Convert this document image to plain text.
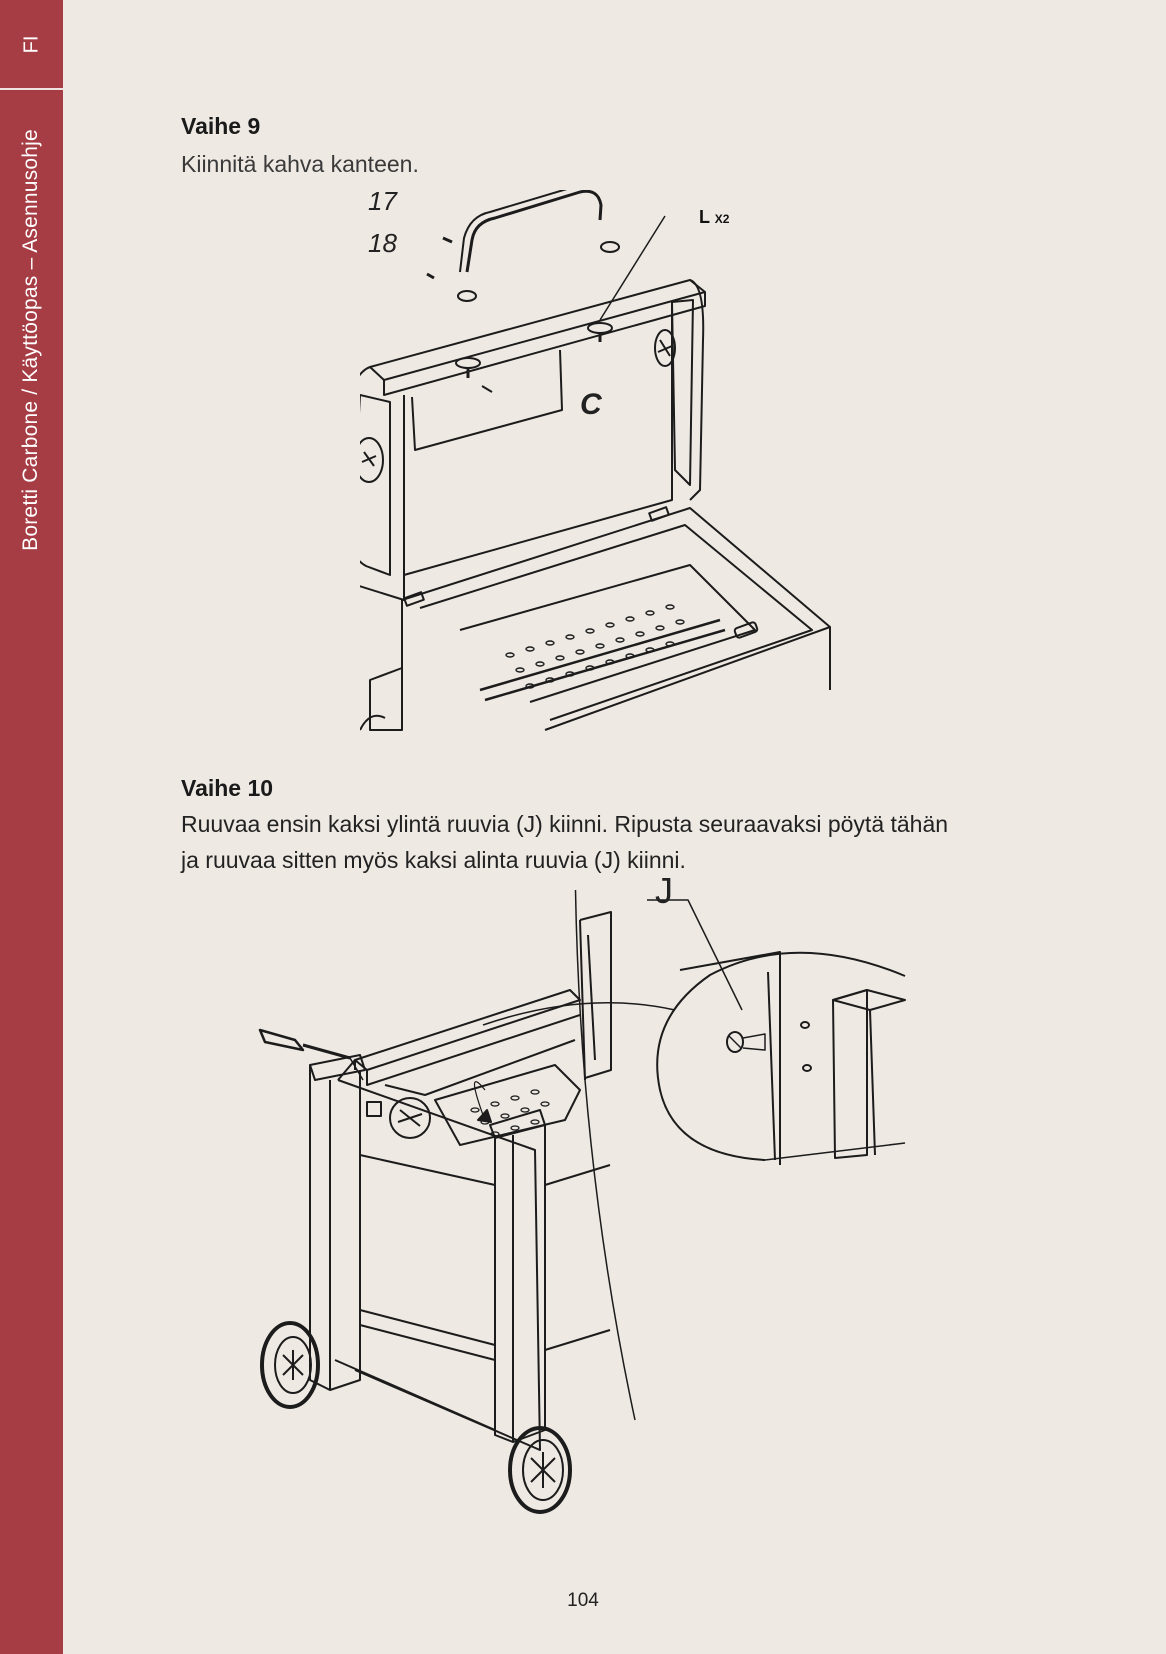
FI
Boretti Carbone / Käyttöopas – Asennusohje
Vaihe 9
Kiinnitä kahva kanteen.
17
18
C
L X2
Vaihe 10
Ruuvaa ensin kaksi ylintä ruuvia (J) kiinni. Ripusta seuraavaksi pöytä tähän ja ruuvaa sitten myös kaksi alinta ruuvia (J) kiinni.
J
104
